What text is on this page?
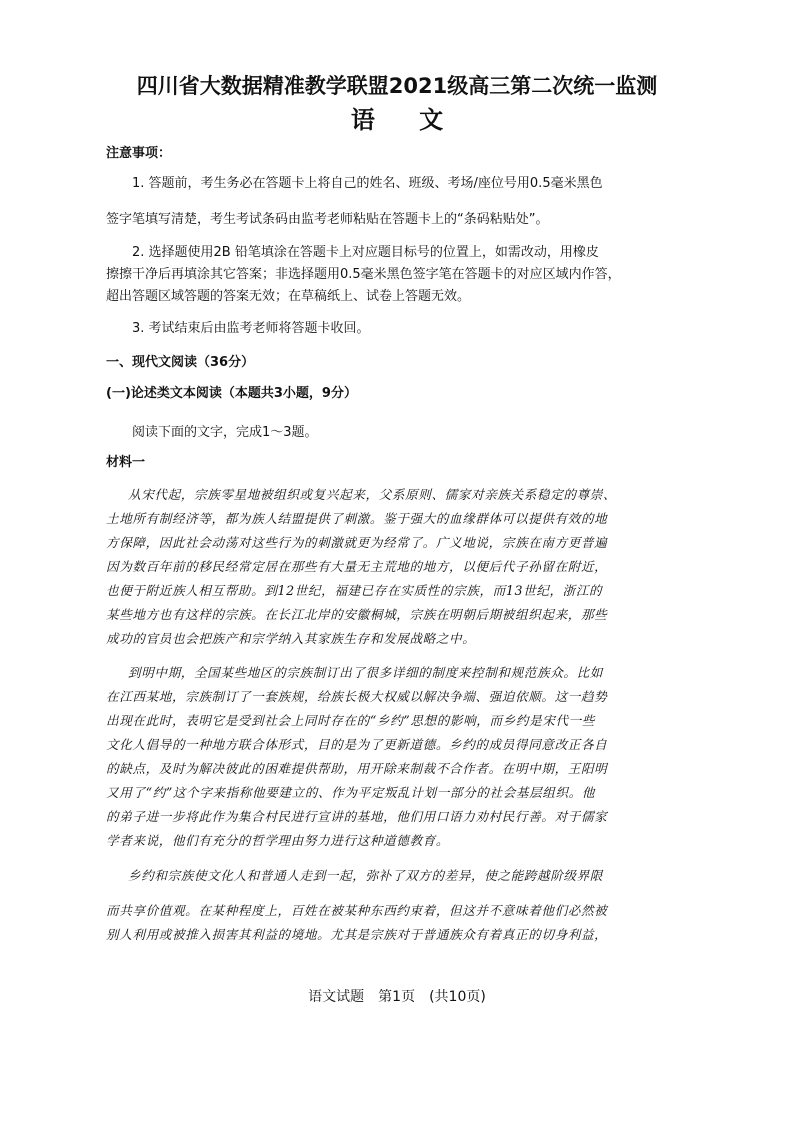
四川省大数据精准教学联盟2021级高三第二次统一监测
语 文
注意事项：
1. 答题前，考生务必在答题卡上将自己的姓名、班级、考场/座位号用0.5毫米黑色
签字笔填写清楚，考生考试条码由监考老师粘贴在答题卡上的“条码粘贴处”。
2. 选择题使用2B 铅笔填涂在答题卡上对应题目标号的位置上，如需改动，用橡皮
擦擦干净后再填涂其它答案；非选择题用0.5毫米黑色签字笔在答题卡的对应区域内作答，
超出答题区域答题的答案无效；在草稿纸上、试卷上答题无效。
3. 考试结束后由监考老师将答题卡收回。
一、现代文阅读（36分）
(一)论述类文本阅读（本题共3小题，9分）
阅读下面的文字，完成1～3题。
材料一
从宋代起，宗族零星地被组织或复兴起来，父系原则、儒家对亲族关系稳定的尊崇、
土地所有制经济等，都为族人结盟提供了刺激。鉴于强大的血缘群体可以提供有效的地
方保障，因此社会动荡对这些行为的刺激就更为经常了。广义地说，宗族在南方更普遍
因为数百年前的移民经常定居在那些有大量无主荒地的地方，以便后代子孙留在附近，
也便于附近族人相互帮助。到12世纪，福建已存在实质性的宗族，而13世纪，浙江的
某些地方也有这样的宗族。在长江北岸的安徽桐城，宗族在明朝后期被组织起来，那些
成功的官员也会把族产和宗学纳入其家族生存和发展战略之中。
到明中期，全国某些地区的宗族制订出了很多详细的制度来控制和规范族众。比如
在江西某地，宗族制订了一套族规，给族长极大权威以解决争端、强迫依顺。这一趋势
出现在此时，表明它是受到社会上同时存在的“乡约”思想的影响，而乡约是宋代一些
文化人倡导的一种地方联合体形式，目的是为了更新道德。乡约的成员得同意改正各自
的缺点，及时为解决彼此的困难提供帮助，用开除来制裁不合作者。在明中期，王阳明
又用了“约”这个字来指称他要建立的、作为平定叛乱计划一部分的社会基层组织。他
的弟子进一步将此作为集合村民进行宣讲的基地，他们用口语力劝村民行善。对于儒家
学者来说，他们有充分的哲学理由努力进行这种道德教育。
乡约和宗族使文化人和普通人走到一起，弥补了双方的差异，使之能跨越阶级界限
而共享价值观。在某种程度上，百姓在被某种东西约束着，但这并不意味着他们必然被
别人利用或被推入损害其利益的境地。尤其是宗族对于普通族众有着真正的切身利益，
语文试题　第1页　(共10页)
